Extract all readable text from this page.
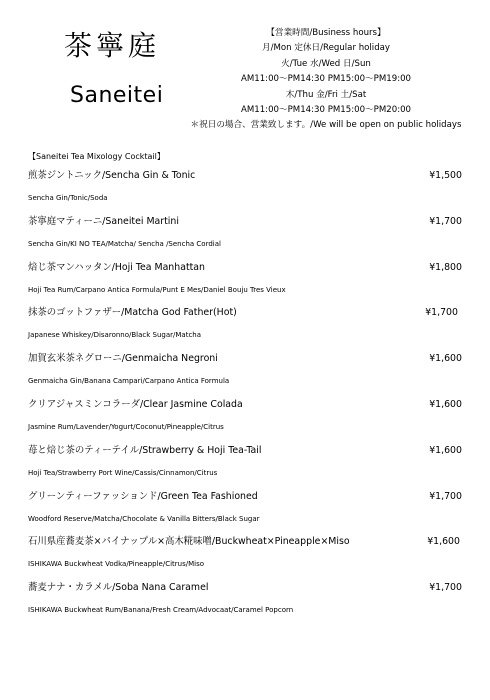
茶寧庭
Saneitei
【営業時間/Business hours】
月/Mon 定休日/Regular holiday
火/Tue 水/Wed 日/Sun
AM11:00～PM14:30 PM15:00～PM19:00
木/Thu 金/Fri 土/Sat
AM11:00～PM14:30 PM15:00～PM20:00
＊祝日の場合、営業致します。/We will be open on public holidays
【Saneitei Tea Mixology Cocktail】
煎茶ジントニック/Sencha Gin & Tonic	¥1,500
Sencha Gin/Tonic/Soda
茶寧庭マティーニ/Saneitei Martini	¥1,700
Sencha Gin/KI NO TEA/Matcha/ Sencha /Sencha Cordial
焙じ茶マンハッタン/Hoji Tea Manhattan	¥1,800
Hoji Tea Rum/Carpano Antica Formula/Punt E Mes/Daniel Bouju Tres Vieux
抹茶のゴットファザー/Matcha God Father(Hot)	¥1,700
Japanese Whiskey/Disaronno/Black Sugar/Matcha
加賀玄米茶ネグローニ/Genmaicha Negroni	¥1,600
Genmaicha Gin/Banana Campari/Carpano Antica Formula
クリアジャスミンコラーダ/Clear Jasmine Colada	¥1,600
Jasmine Rum/Lavender/Yogurt/Coconut/Pineapple/Citrus
苺と焙じ茶のティーテイル/Strawberry & Hoji Tea-Tail	¥1,600
Hoji Tea/Strawberry Port Wine/Cassis/Cinnamon/Citrus
グリーンティーファッションド/Green Tea Fashioned	¥1,700
Woodford Reserve/Matcha/Chocolate & Vanilla Bitters/Black Sugar
石川県産蕎麦茶×パイナップル×高木糀味噌/Buckwheat×Pineapple×Miso	¥1,600
ISHIKAWA Buckwheat Vodka/Pineapple/Citrus/Miso
蕎麦ナナ・カラメル/Soba Nana Caramel	¥1,700
ISHIKAWA Buckwheat Rum/Banana/Fresh Cream/Advocaat/Caramel Popcorn
